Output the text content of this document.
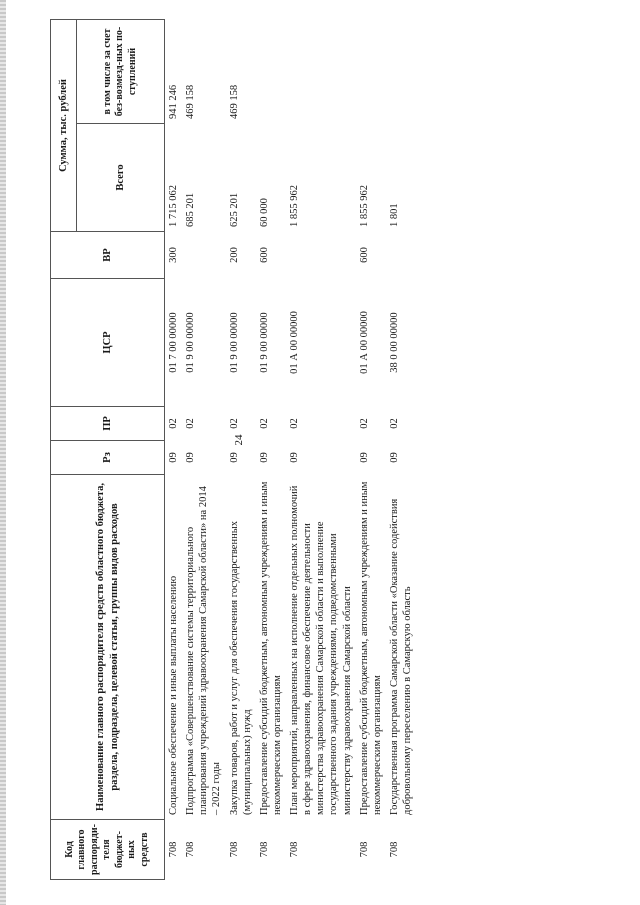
24
Код главного распоряди-теля бюджет-ных средств	Наименование главного распорядителя средств областного бюджета, раздела, подраздела, целевой статьи, группы видов расходов	Рз	ПР	ЦСР	ВР	Сумма, тыс. рублей	
						Всего	в том числе за счет без-возмезд-ных по-ступлений
708	Социальное обеспечение и иные выплаты населению	09	02	01 7 00 00000	300	1 715 062	941 246
708	Подпрограмма «Совершенствование системы территориального планирования учреждений здравоохранения Самарской области» на 2014 – 2022 годы	09	02	01 9 00 00000		685 201	469 158
708	Закупка товаров, работ и услуг для обеспечения государственных (муниципальных) нужд	09	02	01 9 00 00000	200	625 201	469 158
708	Предоставление субсидий бюджетным, автономным учреждениям и иным некоммерческим организациям	09	02	01 9 00 00000	600	60 000	
708	План мероприятий, направленных на исполнение отдельных полномочий в сфере здравоохранения, финансовое обеспечение деятельности министерства здравоохранения Самарской области и выполнение государственного задания учреждениями, подведомственными министерству здравоохранения Самарской области	09	02	01 А 00 00000		1 855 962	
708	Предоставление субсидий бюджетным, автономным учреждениям и иным некоммерческим организациям	09	02	01 А 00 00000	600	1 855 962	
708	Государственная программа Самарской области «Оказание содействия добровольному переселению в Самарскую область	09	02	38 0 00 00000		1 801	
